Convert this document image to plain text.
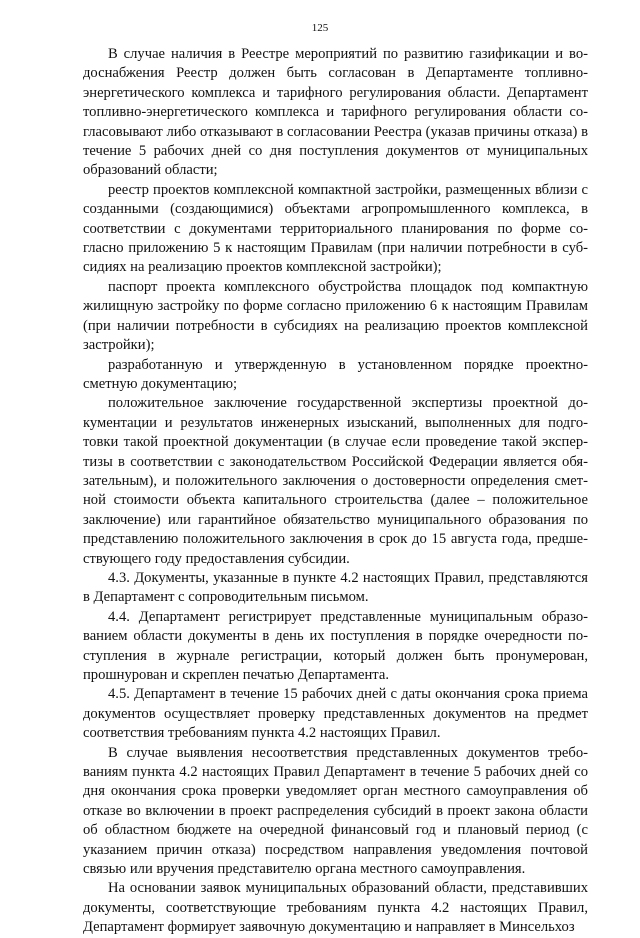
125

В случае наличия в Реестре мероприятий по развитию газификации и водоснабжения Реестр должен быть согласован в Департаменте топливно-энергетического комплекса и тарифного регулирования области. Департамент топливно-энергетического комплекса и тарифного регулирования области согласовывают либо отказывают в согласовании Реестра (указав причины отказа) в течение 5 рабочих дней со дня поступления документов от муниципальных образований области;

реестр проектов комплексной компактной застройки, размещенных вблизи с созданными (создающимися) объектами агропромышленного комплекса, в соответствии с документами территориального планирования по форме согласно приложению 5 к настоящим Правилам (при наличии потребности в субсидиях на реализацию проектов комплексной застройки);

паспорт проекта комплексного обустройства площадок под компактную жилищную застройку по форме согласно приложению 6 к настоящим Правилам (при наличии потребности в субсидиях на реализацию проектов комплексной застройки);

разработанную и утвержденную в установленном порядке проектно-сметную документацию;

положительное заключение государственной экспертизы проектной документации и результатов инженерных изысканий, выполненных для подготовки такой проектной документации (в случае если проведение такой экспертизы в соответствии с законодательством Российской Федерации является обязательным), и положительного заключения о достоверности определения сметной стоимости объекта капитального строительства (далее – положительное заключение) или гарантийное обязательство муниципального образования по представлению положительного заключения в срок до 15 августа года, предшествующего году предоставления субсидии.

4.3. Документы, указанные в пункте 4.2 настоящих Правил, представляются в Департамент с сопроводительным письмом.

4.4. Департамент регистрирует представленные муниципальным образованием области документы в день их поступления в порядке очередности поступления в журнале регистрации, который должен быть пронумерован, прошнурован и скреплен печатью Департамента.

4.5. Департамент в течение 15 рабочих дней с даты окончания срока приема документов осуществляет проверку представленных документов на предмет соответствия требованиям пункта 4.2 настоящих Правил.

В случае выявления несоответствия представленных документов требованиям пункта 4.2 настоящих Правил Департамент в течение 5 рабочих дней со дня окончания срока проверки уведомляет орган местного самоуправления об отказе во включении в проект распределения субсидий в проект закона области об областном бюджете на очередной финансовый год и плановый период (с указанием причин отказа) посредством направления уведомления почтовой связью или вручения представителю органа местного самоуправления.

На основании заявок муниципальных образований области, представивших документы, соответствующие требованиям пункта 4.2 настоящих Правил, Департамент формирует заявочную документацию и направляет в Минсельхоз
